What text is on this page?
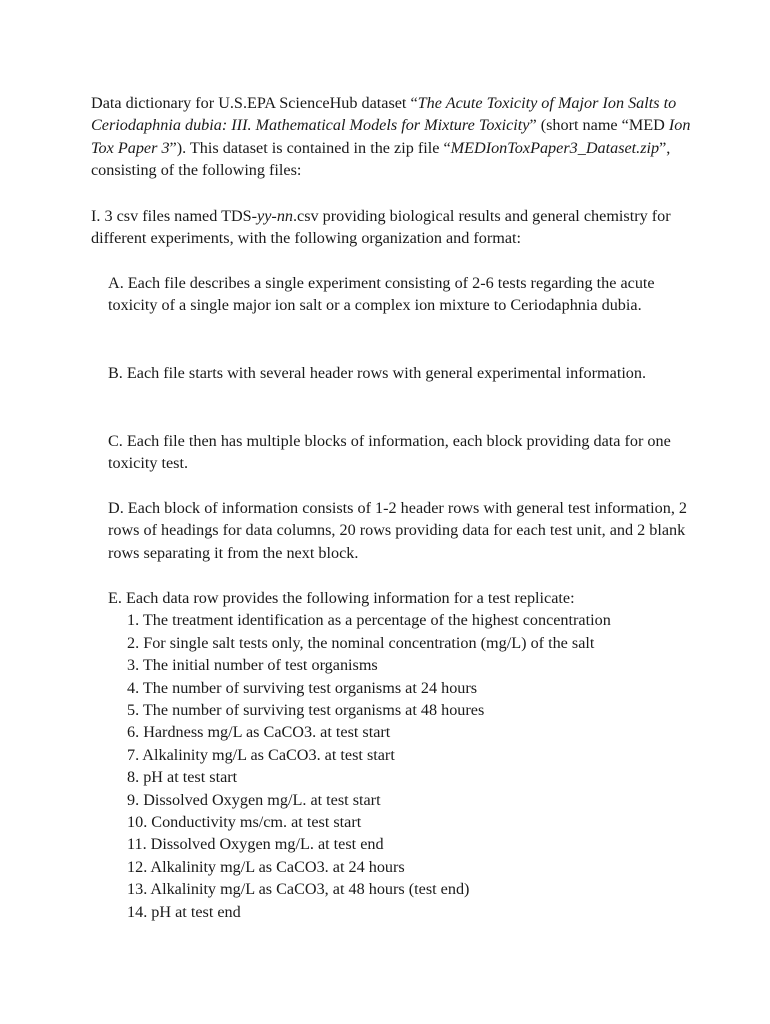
Data dictionary for U.S.EPA ScienceHub dataset “The Acute Toxicity of Major Ion Salts to Ceriodaphnia dubia: III. Mathematical Models for Mixture Toxicity” (short name “MED Ion Tox Paper 3”). This dataset is contained in the zip file “MEDIonToxPaper3_Dataset.zip”, consisting of the following files:

I. 3 csv files named TDS-yy-nn.csv providing biological results and general chemistry for different experiments, with the following organization and format:

A. Each file describes a single experiment consisting of 2-6 tests regarding the acute toxicity of a single major ion salt or a complex ion mixture to Ceriodaphnia dubia.

B. Each file starts with several header rows with general experimental information.

C. Each file then has multiple blocks of information, each block providing data for one toxicity test.

D. Each block of information consists of 1-2 header rows with general test information, 2 rows of headings for data columns, 20 rows providing data for each test unit, and 2 blank rows separating it from the next block.

E. Each data row provides the following information for a test replicate:
1. The treatment identification as a percentage of the highest concentration
2. For single salt tests only, the nominal concentration (mg/L) of the salt
3. The initial number of test organisms
4. The number of surviving test organisms at 24 hours
5. The number of surviving test organisms at 48 houres
6. Hardness mg/L as CaCO3. at test start
7. Alkalinity mg/L as CaCO3. at test start
8. pH at test start
9. Dissolved Oxygen mg/L. at test start
10. Conductivity ms/cm. at test start
11. Dissolved Oxygen mg/L. at test end
12. Alkalinity mg/L as CaCO3. at 24 hours
13. Alkalinity mg/L as CaCO3, at 48 hours (test end)
14. pH at test end
